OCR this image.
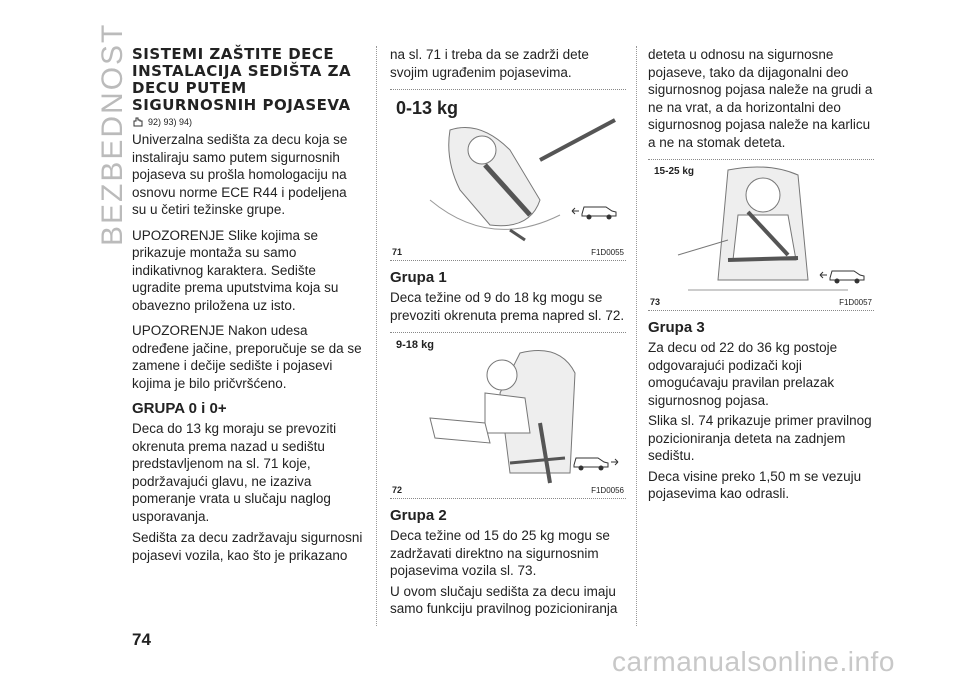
BEZBEDNOST SISTEMI ZAŠTITE DECE INSTALACIJA SEDIŠTA ZA DECU PUTEM SIGURNOSNIH POJASEVA
92) 93) 94)

Univerzalna sedišta za decu koja se instaliraju samo putem sigurnosnih pojaseva su prošla homologaciju na osnovu norme ECE R44 i podeljena su u četiri težinske grupe.

UPOZORENJE Slike kojima se prikazuje montaža su samo indikativnog karaktera. Sedište ugradite prema uputstvima koja su obavezno priložena uz isto.

UPOZORENJE Nakon udesa određene jačine, preporučuje se da se zamene i dečije sedište i pojasevi kojima je bilo pričvršćeno.

GRUPA 0 i 0+

Deca do 13 kg moraju se prevoziti okrenuta prema nazad u sedištu predstavljenom na sl. 71 koje, podržavajući glavu, ne izaziva pomeranje vrata u slučaju naglog usporavanja.

Sedišta za decu zadržavaju sigurnosni pojasevi vozila, kao što je prikazano

na sl. 71 i treba da se zadrži dete svojim ugrađenim pojasevima.

0-13 kg
71	F1D0055
Grupa 1

Deca težine od 9 do 18 kg mogu se prevoziti okrenuta prema napred sl. 72.

9-18 kg
72	F1D0056
Grupa 2

Deca težine od 15 do 25 kg mogu se zadržavati direktno na sigurnosnim pojasevima vozila sl. 73.

U ovom slučaju sedišta za decu imaju samo funkciju pravilnog pozicioniranja

deteta u odnosu na sigurnosne pojaseve, tako da dijagonalni deo sigurnosnog pojasa naleže na grudi a ne na vrat, a da horizontalni deo sigurnosnog pojasa naleže na karlicu a ne na stomak deteta.

15-25 kg
73	F1D0057
Grupa 3

Za decu od 22 do 36 kg postoje odgovarajući podizači koji omogućavaju pravilan prelazak sigurnosnog pojasa.

Slika sl. 74 prikazuje primer pravilnog pozicioniranja deteta na zadnjem sedištu.

Deca visine preko 1,50 m se vezuju pojasevima kao odrasli.

74
carmanualsonline.info
